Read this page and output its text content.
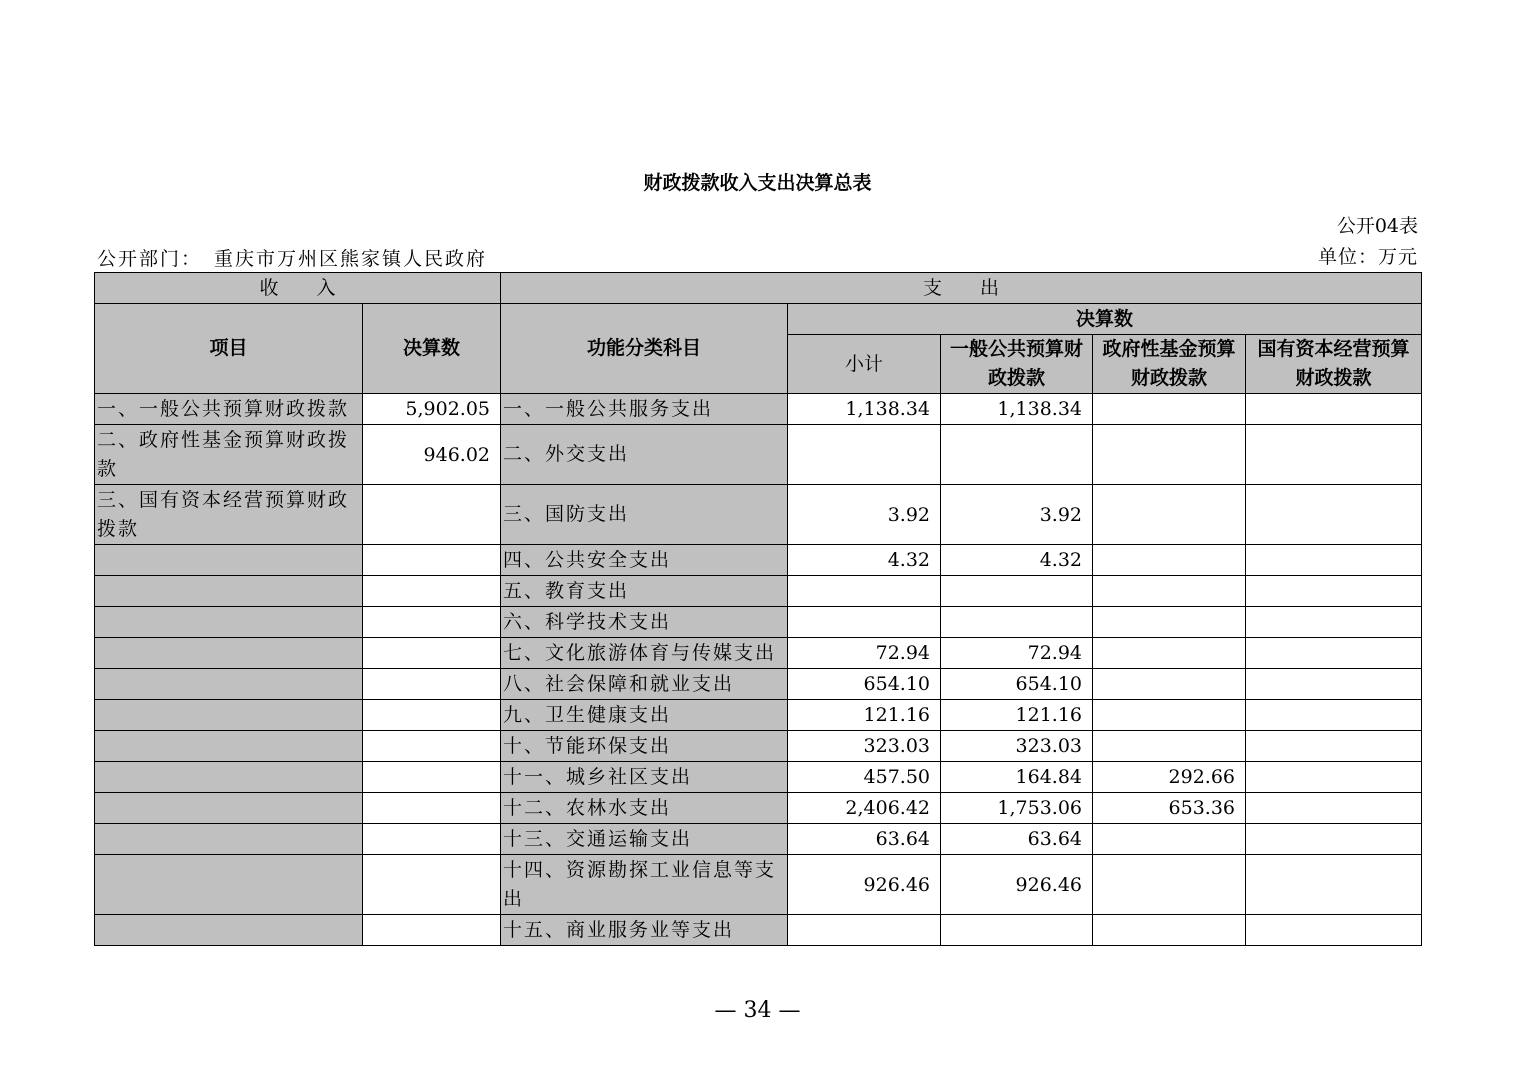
财政拨款收入支出决算总表
公开04表
公开部门： 重庆市万州区熊家镇人民政府	单位：万元
收　　入		支　　出				
项目	决算数	功能分类科目	决算数			
			小计	一般公共预算财政拨款	政府性基金预算财政拨款	国有资本经营预算财政拨款
一、一般公共预算财政拨款	5,902.05	一、一般公共服务支出	1,138.34	1,138.34		
二、政府性基金预算财政拨款	946.02	二、外交支出				
三、国有资本经营预算财政拨款		三、国防支出	3.92	3.92		
		四、公共安全支出	4.32	4.32		
		五、教育支出				
		六、科学技术支出				
		七、文化旅游体育与传媒支出	72.94	72.94		
		八、社会保障和就业支出	654.10	654.10		
		九、卫生健康支出	121.16	121.16		
		十、节能环保支出	323.03	323.03		
		十一、城乡社区支出	457.50	164.84	292.66	
		十二、农林水支出	2,406.42	1,753.06	653.36	
		十三、交通运输支出	63.64	63.64		
		十四、资源勘探工业信息等支出	926.46	926.46		
		十五、商业服务业等支出				
— 34 —
